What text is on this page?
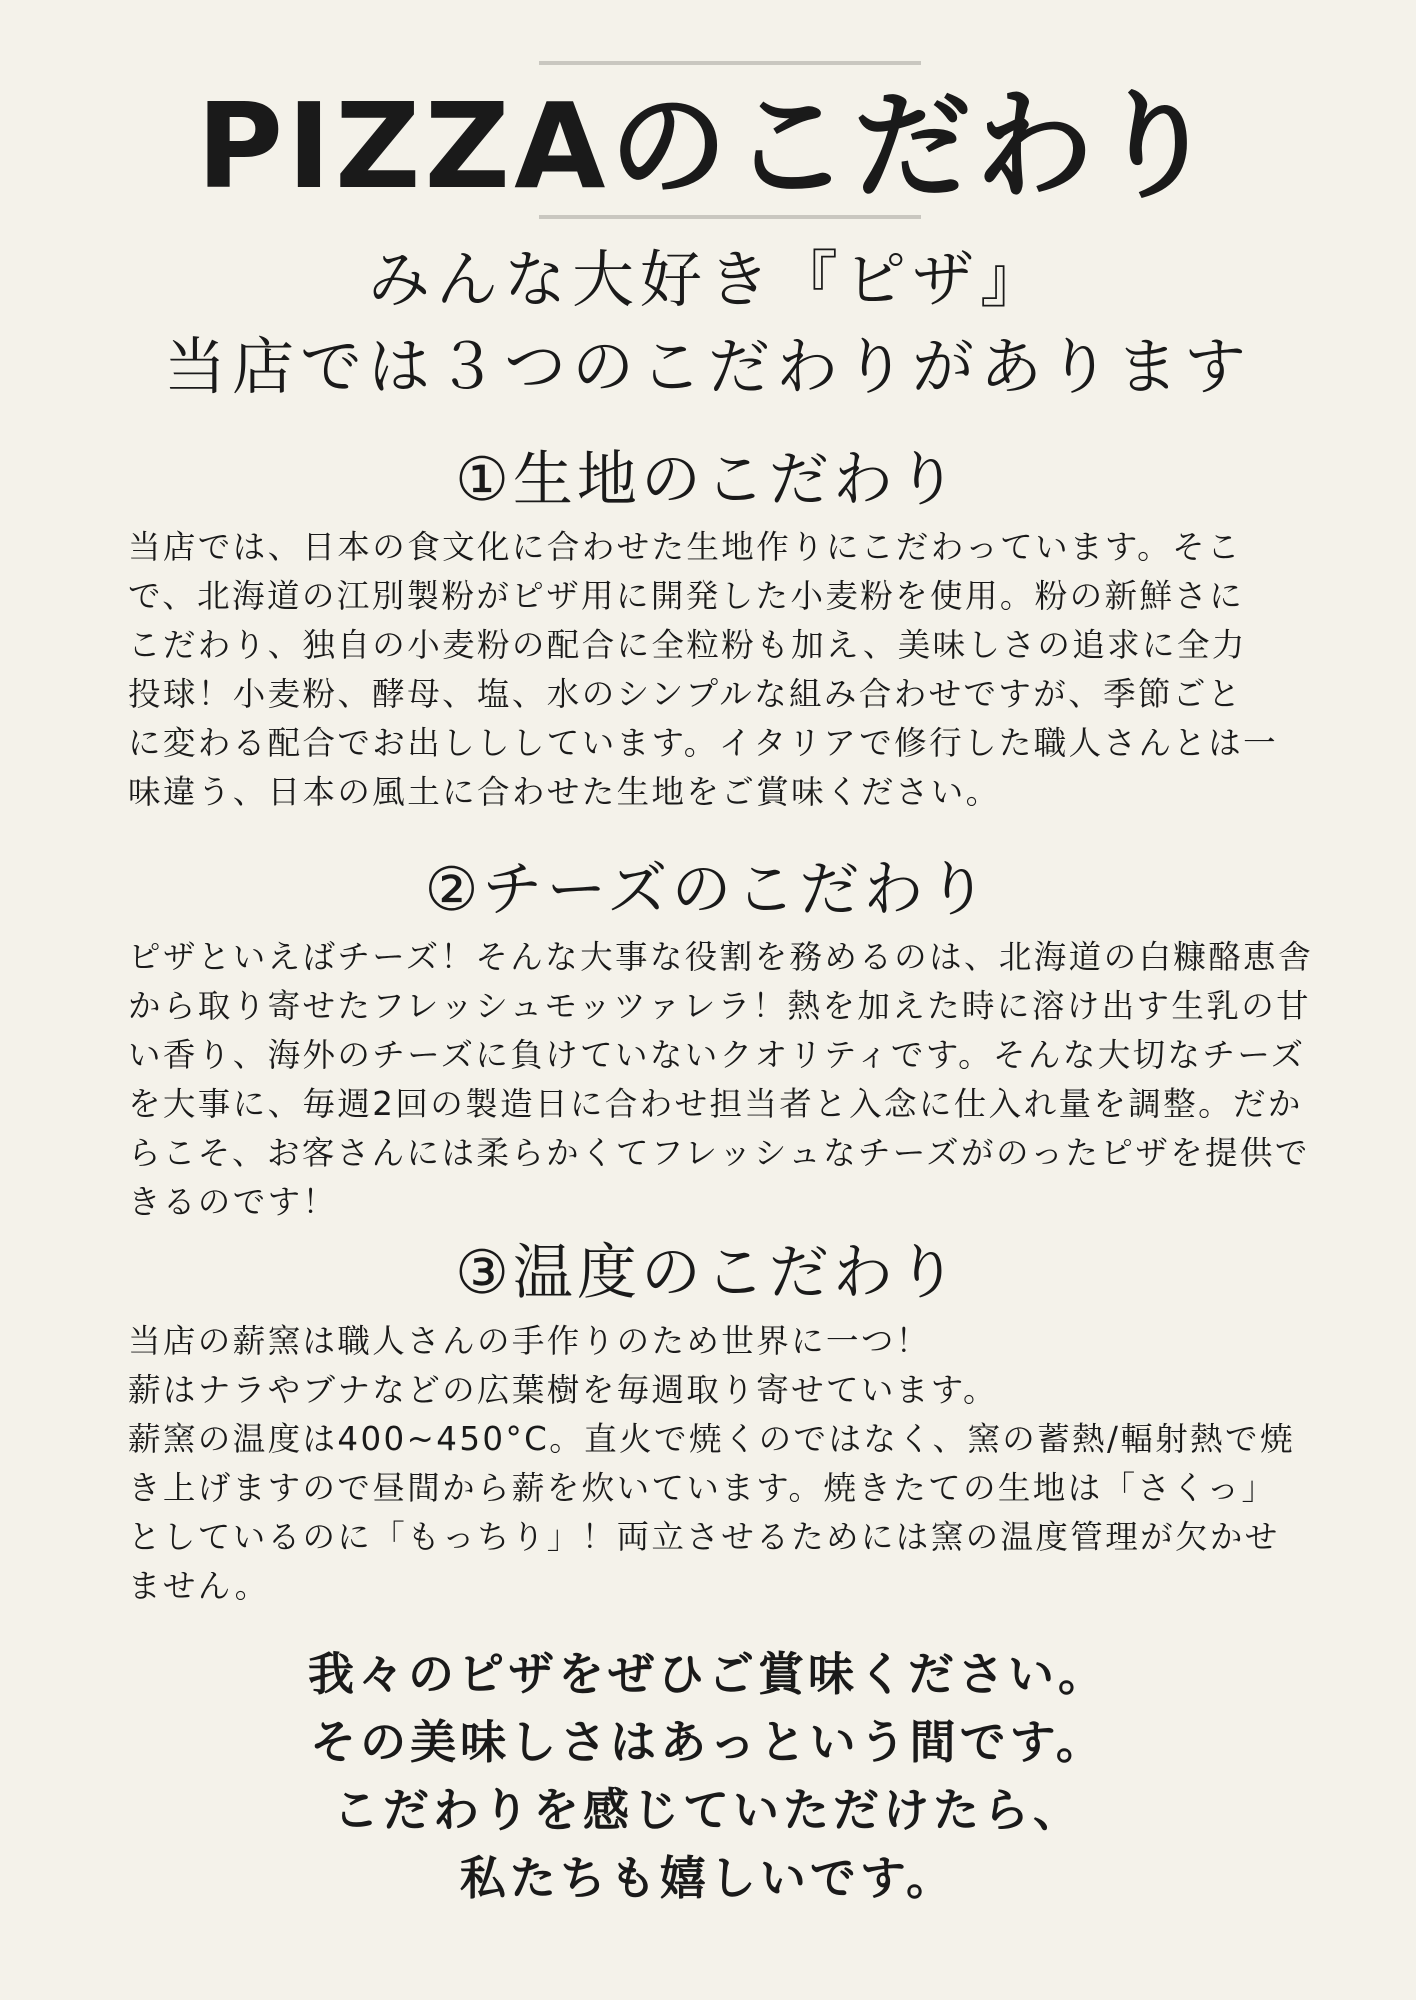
PIZZAのこだわり
みんな大好き『ピザ』
当店では３つのこだわりがあります
①生地のこだわり
当店では、日本の食文化に合わせた生地作りにこだわっています。そこ
で、北海道の江別製粉がピザ用に開発した小麦粉を使用。粉の新鮮さに
こだわり、独自の小麦粉の配合に全粒粉も加え、美味しさの追求に全力
投球！小麦粉、酵母、塩、水のシンプルな組み合わせですが、季節ごと
に変わる配合でお出しししています。イタリアで修行した職人さんとは一
味違う、日本の風土に合わせた生地をご賞味ください。
②チーズのこだわり
ピザといえばチーズ！そんな大事な役割を務めるのは、北海道の白糠酪恵舎
から取り寄せたフレッシュモッツァレラ！熱を加えた時に溶け出す生乳の甘
い香り、海外のチーズに負けていないクオリティです。そんな大切なチーズ
を大事に、毎週2回の製造日に合わせ担当者と入念に仕入れ量を調整。だか
らこそ、お客さんには柔らかくてフレッシュなチーズがのったピザを提供で
きるのです！
③温度のこだわり
当店の薪窯は職人さんの手作りのため世界に一つ！
薪はナラやブナなどの広葉樹を毎週取り寄せています。
薪窯の温度は400~450°C。直火で焼くのではなく、窯の蓄熱/輻射熱で焼
き上げますので昼間から薪を炊いています。焼きたての生地は「さくっ」
としているのに「もっちり」！両立させるためには窯の温度管理が欠かせ
ません。
我々のピザをぜひご賞味ください。
その美味しさはあっという間です。
こだわりを感じていただけたら、
私たちも嬉しいです。
